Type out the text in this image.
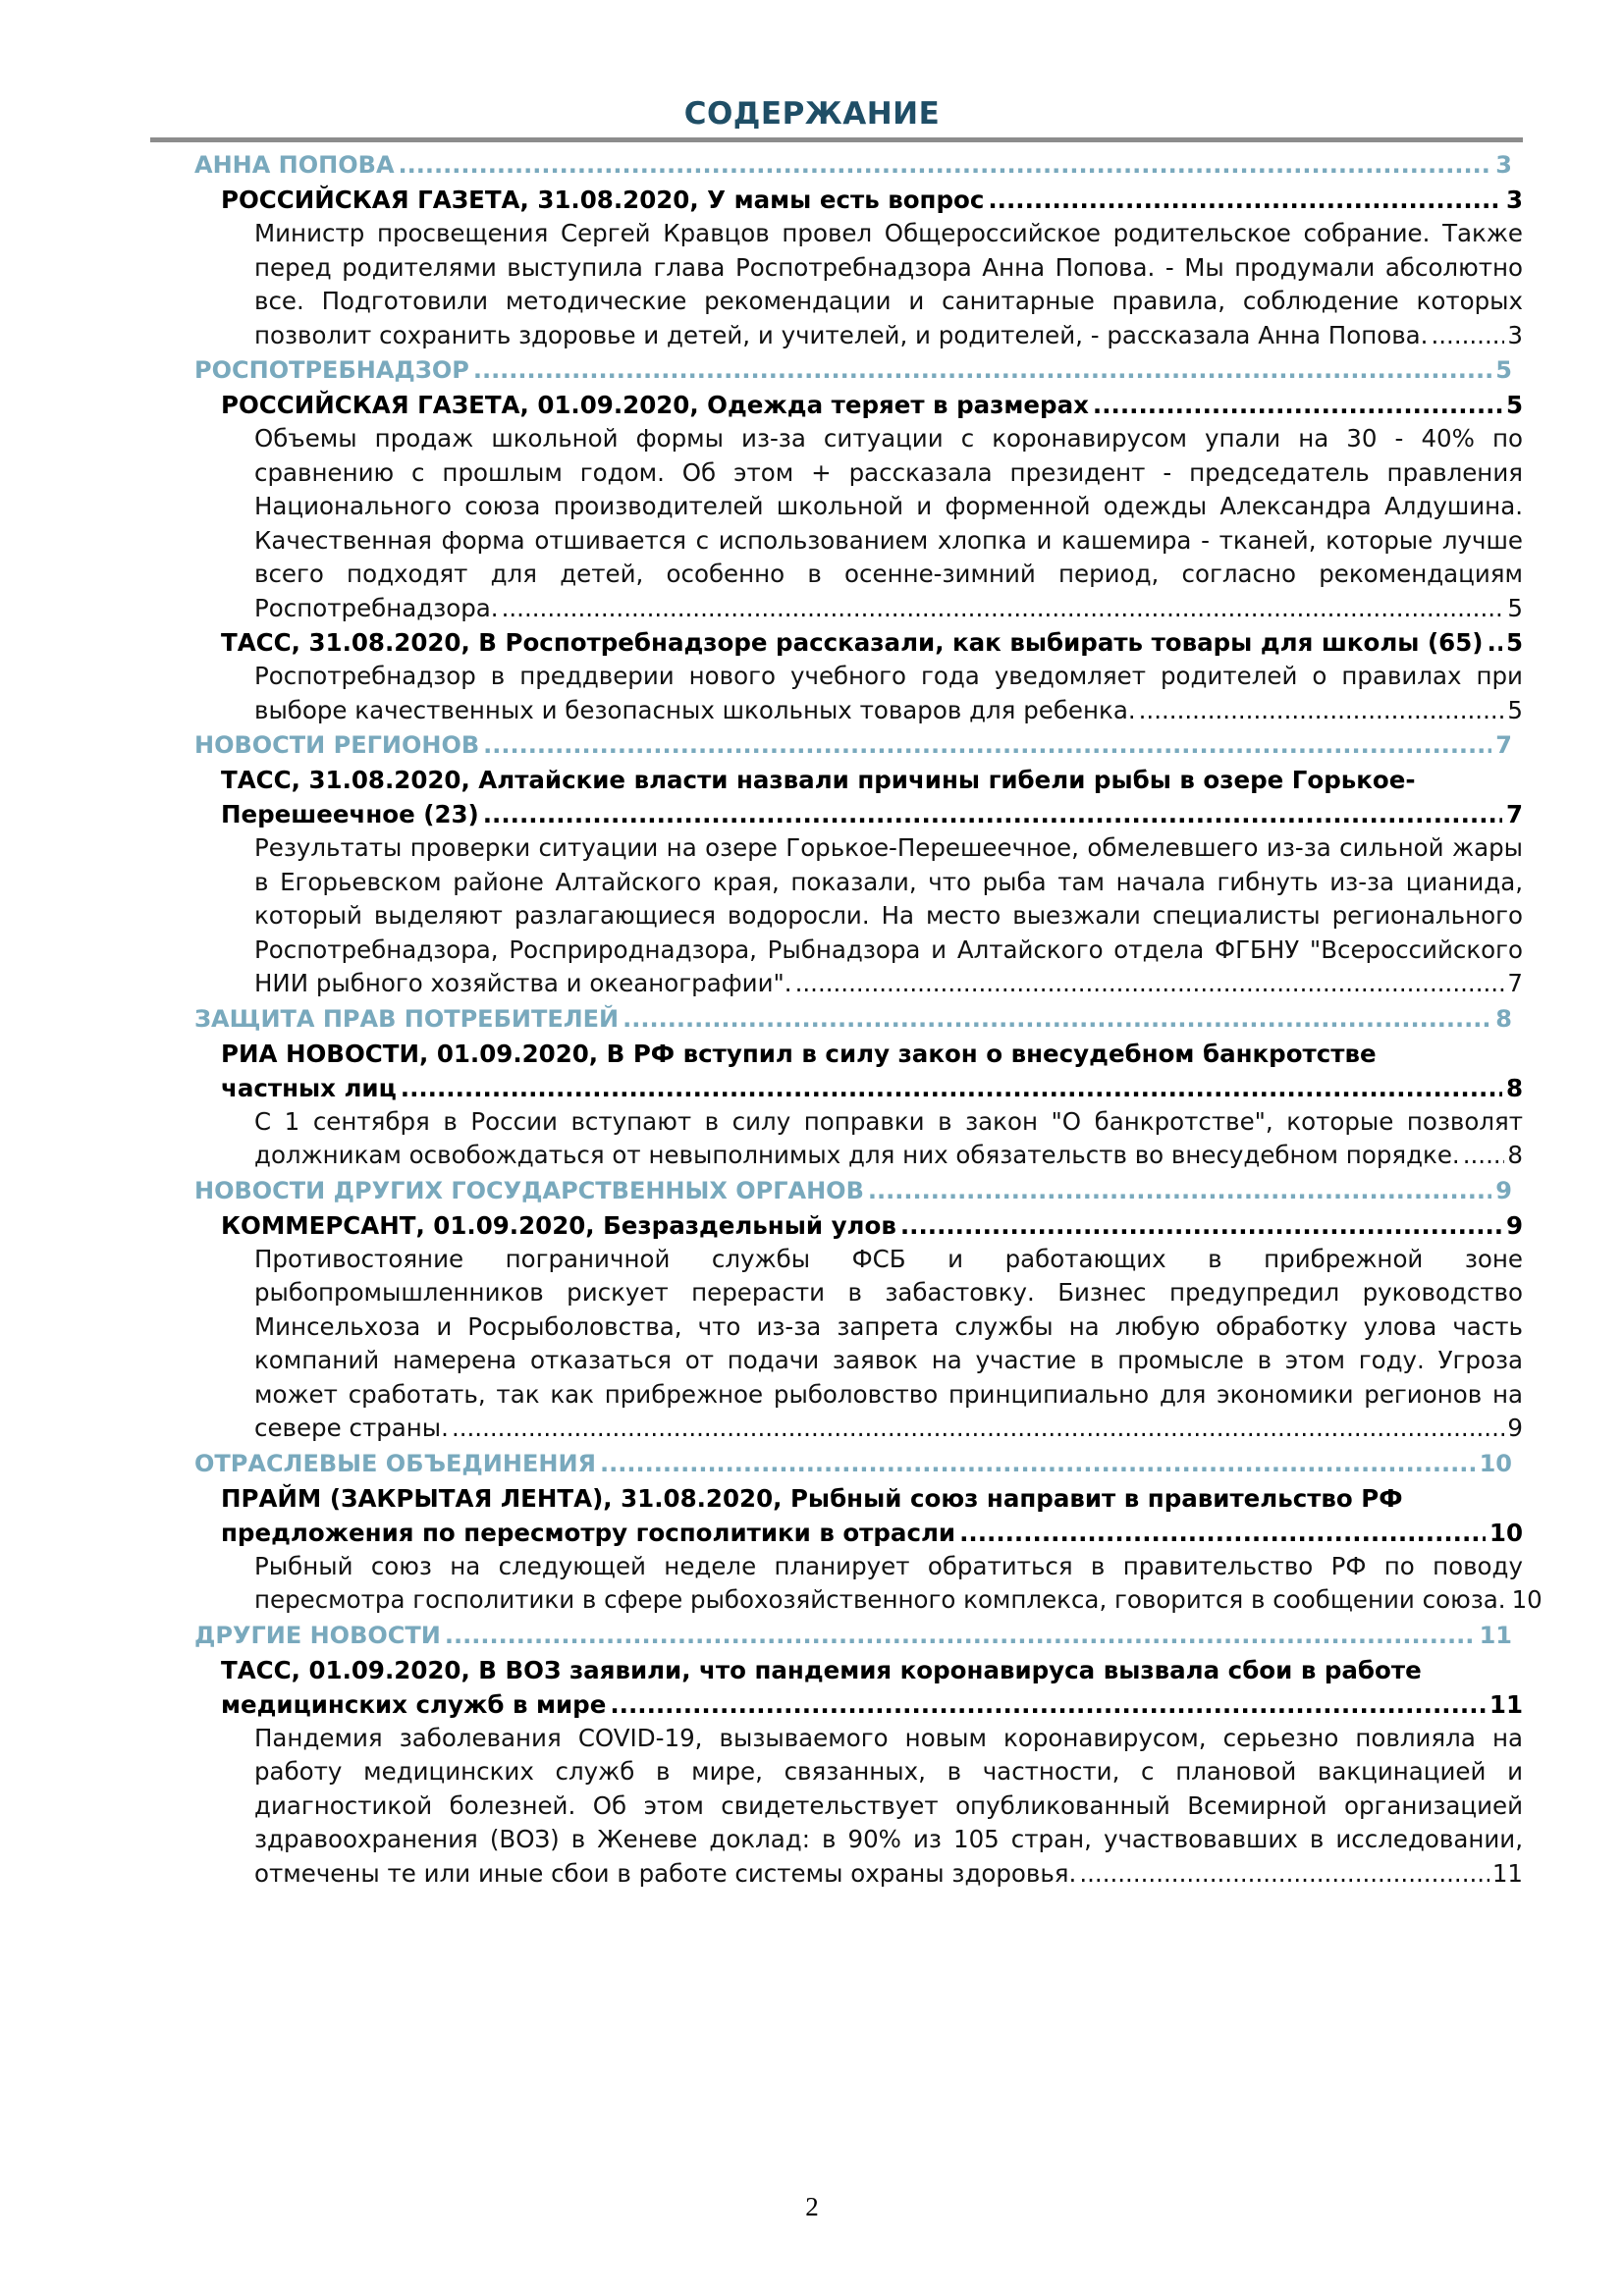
СОДЕРЖАНИЕ
АННА ПОПОВА .....	3
РОССИЙСКАЯ ГАЗЕТА, 31.08.2020, У мамы есть вопрос .....	3
Министр просвещения Сергей Кравцов провел Общероссийское родительское собрание. Также
перед родителями выступила глава Роспотребнадзора Анна Попова. - Мы продумали абсолютно
все. Подготовили методические рекомендации и санитарные правила, соблюдение которых
позволит сохранить здоровье и детей, и учителей, и родителей, - рассказала Анна Попова. .....	3
РОСПОТРЕБНАДЗОР .....	5
РОССИЙСКАЯ ГАЗЕТА, 01.09.2020, Одежда теряет в размерах .....	5
Объемы продаж школьной формы из-за ситуации с коронавирусом упали на 30 - 40% по
сравнению с прошлым годом. Об этом + рассказала президент - председатель правления
Национального союза производителей школьной и форменной одежды Александра Алдушина.
Качественная форма отшивается с использованием хлопка и кашемира - тканей, которые лучше
всего подходят для детей, особенно в осенне-зимний период, согласно рекомендациям
Роспотребнадзора. .....	5
ТАСС, 31.08.2020, В Роспотребнадзоре рассказали, как выбирать товары для школы (65) ..... 5
Роспотребнадзор в преддверии нового учебного года уведомляет родителей о правилах при
выборе качественных и безопасных школьных товаров для ребенка. .....	5
НОВОСТИ РЕГИОНОВ .....	7
ТАСС, 31.08.2020, Алтайские власти назвали причины гибели рыбы в озере Горькое-
Перешеечное (23) .....	7
Результаты проверки ситуации на озере Горькое-Перешеечное, обмелевшего из-за сильной жары
в Егорьевском районе Алтайского края, показали, что рыба там начала гибнуть из-за цианида,
который выделяют разлагающиеся водоросли. На место выезжали специалисты регионального
Роспотребнадзора, Росприроднадзора, Рыбнадзора и Алтайского отдела ФГБНУ "Всероссийского
НИИ рыбного хозяйства и океанографии". .....	7
ЗАЩИТА ПРАВ ПОТРЕБИТЕЛЕЙ .....	8
РИА НОВОСТИ, 01.09.2020, В РФ вступил в силу закон о внесудебном банкротстве
частных лиц .....	8
С 1 сентября в России вступают в силу поправки в закон "О банкротстве", которые позволят
должникам освобождаться от невыполнимых для них обязательств во внесудебном порядке. ..... 8
НОВОСТИ ДРУГИХ ГОСУДАРСТВЕННЫХ ОРГАНОВ .....	9
КОММЕРСАНТ, 01.09.2020, Безраздельный улов .....	9
Противостояние пограничной службы ФСБ и работающих в прибрежной зоне
рыбопромышленников рискует перерасти в забастовку. Бизнес предупредил руководство
Минсельхоза и Росрыболовства, что из-за запрета службы на любую обработку улова часть
компаний намерена отказаться от подачи заявок на участие в промысле в этом году. Угроза
может сработать, так как прибрежное рыболовство принципиально для экономики регионов на
севере страны. .....	9
ОТРАСЛЕВЫЕ ОБЪЕДИНЕНИЯ .....	10
ПРАЙМ (ЗАКРЫТАЯ ЛЕНТА), 31.08.2020, Рыбный союз направит в правительство РФ
предложения по пересмотру госполитики в отрасли .....	10
Рыбный союз на следующей неделе планирует обратиться в правительство РФ по поводу
пересмотра госполитики в сфере рыбохозяйственного комплекса, говорится в сообщении союза. 10
ДРУГИЕ НОВОСТИ .....	11
ТАСС, 01.09.2020, В ВОЗ заявили, что пандемия коронавируса вызвала сбои в работе
медицинских служб в мире .....	11
Пандемия заболевания COVID-19, вызываемого новым коронавирусом, серьезно повлияла на
работу медицинских служб в мире, связанных, в частности, с плановой вакцинацией и
диагностикой болезней. Об этом свидетельствует опубликованный Всемирной организацией
здравоохранения (ВОЗ) в Женеве доклад: в 90% из 105 стран, участвовавших в исследовании,
отмечены те или иные сбои в работе системы охраны здоровья. .....	11
2
